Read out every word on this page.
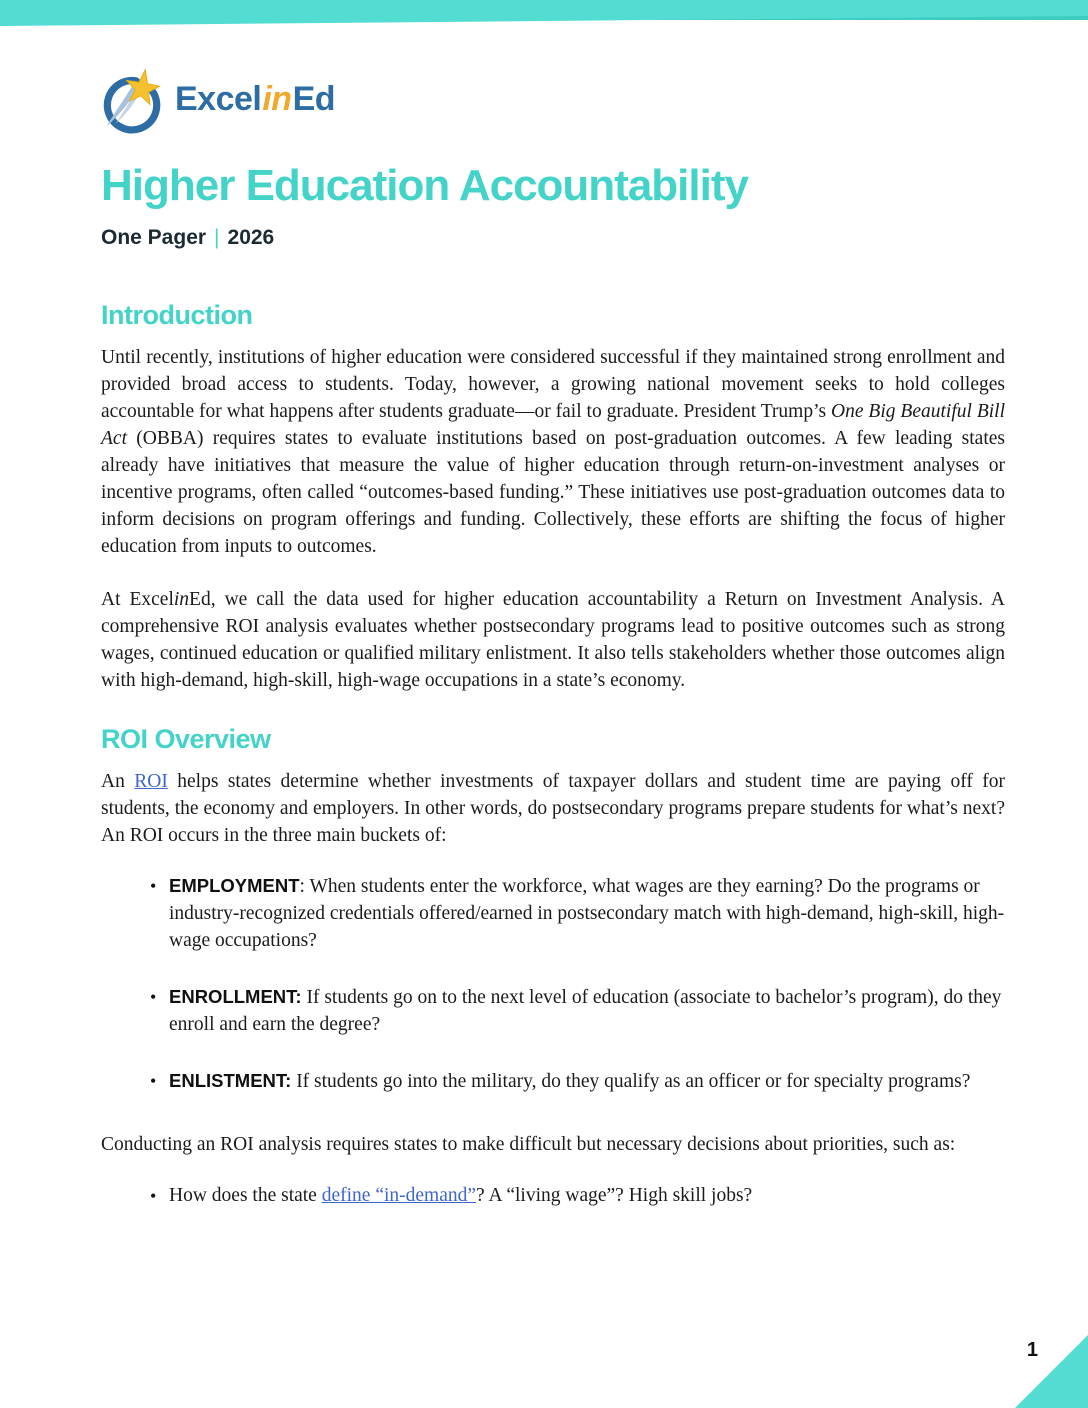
Excel in Ed
Higher Education Accountability
One Pager | 2026
Introduction

Until recently, institutions of higher education were considered successful if they maintained strong enrollment and provided broad access to students. Today, however, a growing national movement seeks to hold colleges accountable for what happens after students graduate—or fail to graduate. President Trump’s One Big Beautiful Bill Act (OBBA) requires states to evaluate institutions based on post-graduation outcomes. A few leading states already have initiatives that measure the value of higher education through return-on-investment analyses or incentive programs, often called “outcomes-based funding.” These initiatives use post-graduation outcomes data to inform decisions on program offerings and funding. Collectively, these efforts are shifting the focus of higher education from inputs to outcomes.

At ExcelinEd, we call the data used for higher education accountability a Return on Investment Analysis. A comprehensive ROI analysis evaluates whether postsecondary programs lead to positive outcomes such as strong wages, continued education or qualified military enlistment. It also tells stakeholders whether those outcomes align with high-demand, high-skill, high-wage occupations in a state’s economy.

ROI Overview

An ROI helps states determine whether investments of taxpayer dollars and student time are paying off for students, the economy and employers. In other words, do postsecondary programs prepare students for what’s next? An ROI occurs in the three main buckets of:

• EMPLOYMENT: When students enter the workforce, what wages are they earning? Do the programs or industry-recognized credentials offered/earned in postsecondary match with high-demand, high-skill, high-wage occupations?
• ENROLLMENT: If students go on to the next level of education (associate to bachelor’s program), do they enroll and earn the degree?
• ENLISTMENT: If students go into the military, do they qualify as an officer or for specialty programs?

Conducting an ROI analysis requires states to make difficult but necessary decisions about priorities, such as:

• How does the state define “in-demand”? A “living wage”? High skill jobs?
1
